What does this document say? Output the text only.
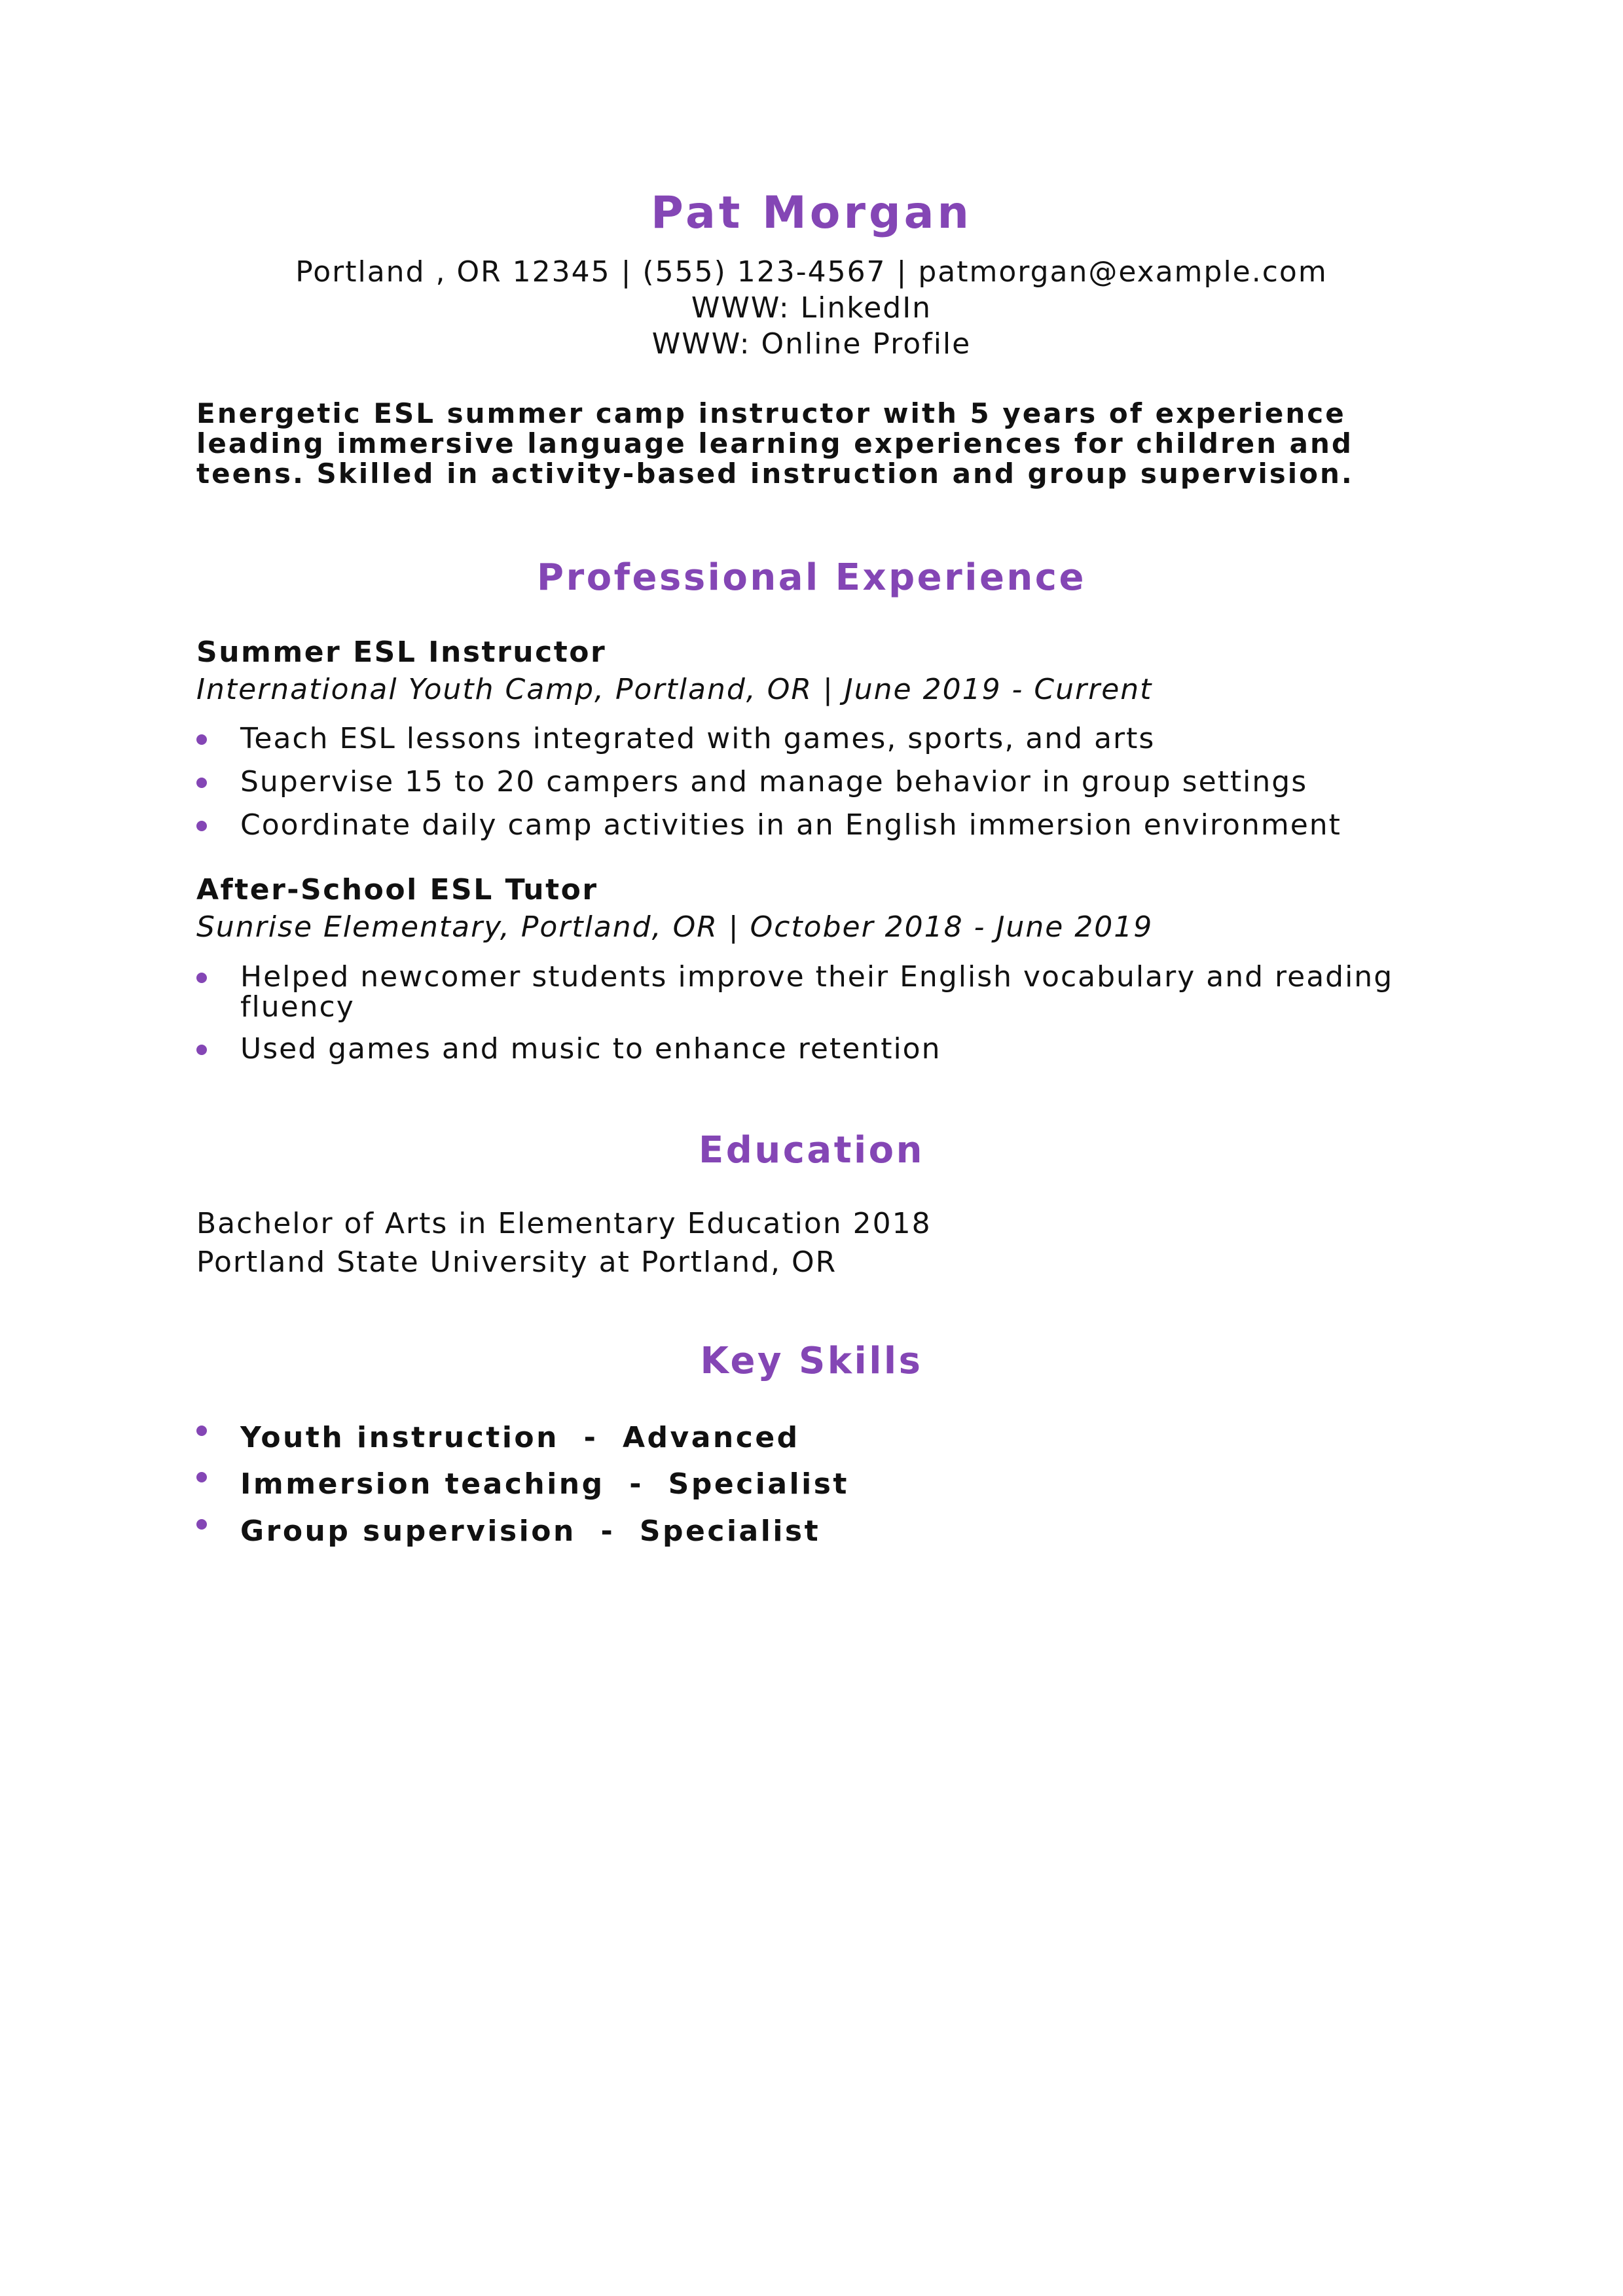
Pat Morgan
Portland , OR 12345 | (555) 123-4567 | patmorgan@example.com
WWW: LinkedIn
WWW: Online Profile
Energetic ESL summer camp instructor with 5 years of experience leading immersive language learning experiences for children and teens. Skilled in activity-based instruction and group supervision.
Professional Experience
Summer ESL Instructor
International Youth Camp, Portland, OR | June 2019 - Current
Teach ESL lessons integrated with games, sports, and arts
Supervise 15 to 20 campers and manage behavior in group settings
Coordinate daily camp activities in an English immersion environment
After-School ESL Tutor
Sunrise Elementary, Portland, OR | October 2018 - June 2019
Helped newcomer students improve their English vocabulary and reading fluency
Used games and music to enhance retention
Education
Bachelor of Arts in Elementary Education 2018
Portland State University at Portland, OR
Key Skills
Youth instruction  -  Advanced
Immersion teaching  -  Specialist
Group supervision  -  Specialist
